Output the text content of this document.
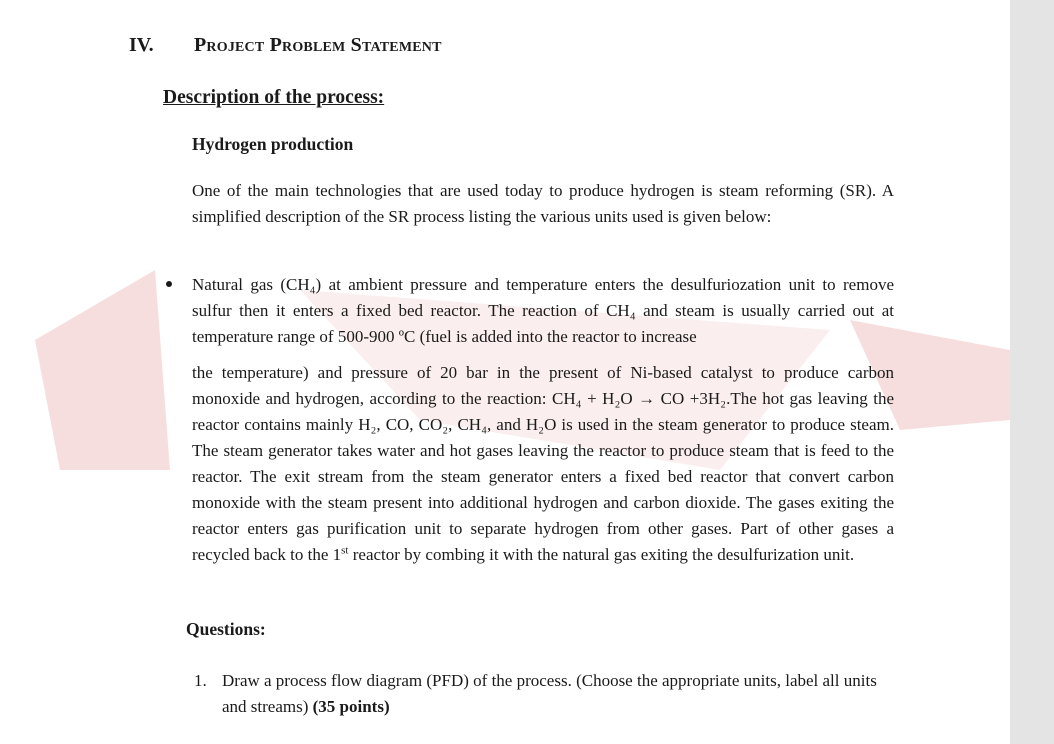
IV. Project Problem Statement
Description of the process:
Hydrogen production
One of the main technologies that are used today to produce hydrogen is steam reforming (SR). A simplified description of the SR process listing the various units used is given below:
Natural gas (CH₄) at ambient pressure and temperature enters the desulfuriozation unit to remove sulfur then it enters a fixed bed reactor. The reaction of CH₄ and steam is usually carried out at temperature range of 500-900 ºC (fuel is added into the reactor to increase
the temperature) and pressure of 20 bar in the present of Ni-based catalyst to produce carbon monoxide and hydrogen, according to the reaction: CH₄ + H₂O → CO +3H₂.The hot gas leaving the reactor contains mainly H₂, CO, CO₂, CH₄, and H₂O is used in the steam generator to produce steam. The steam generator takes water and hot gases leaving the reactor to produce steam that is feed to the reactor. The exit stream from the steam generator enters a fixed bed reactor that convert carbon monoxide with the steam present into additional hydrogen and carbon dioxide. The gases exiting the reactor enters gas purification unit to separate hydrogen from other gases. Part of other gases a recycled back to the 1st reactor by combing it with the natural gas exiting the desulfurization unit.
Questions:
1. Draw a process flow diagram (PFD) of the process. (Choose the appropriate units, label all units and streams) (35 points)
